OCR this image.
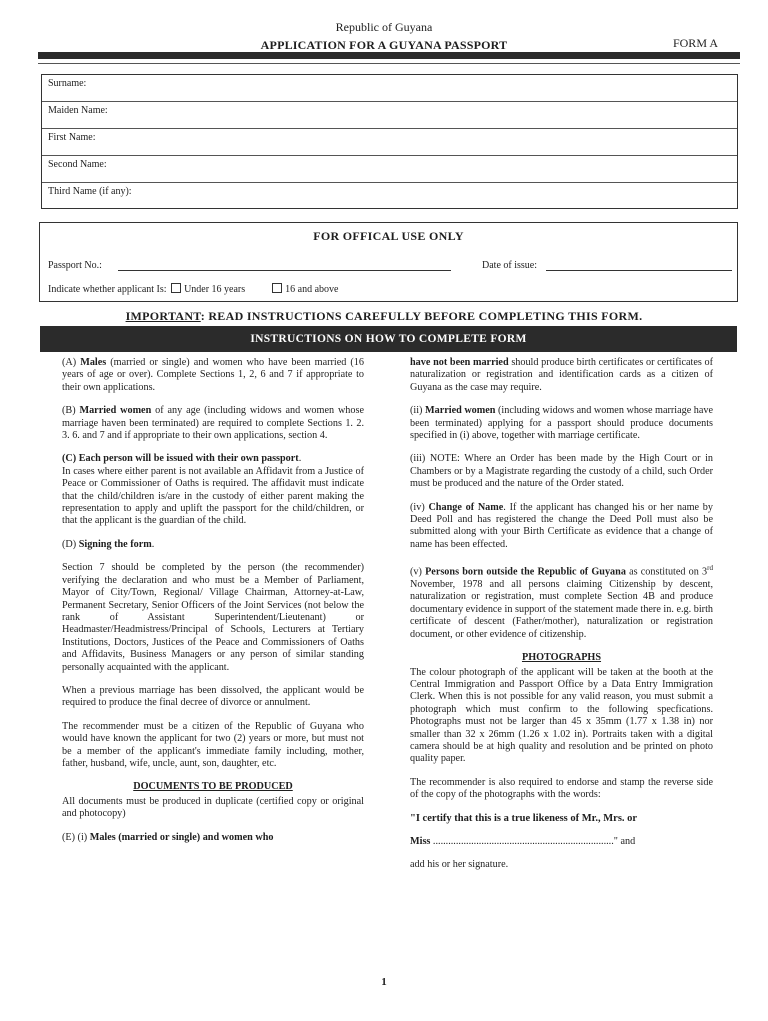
Republic of Guyana
APPLICATION FOR A GUYANA PASSPORT	FORM A
Surname:
Maiden Name:
First Name:
Second Name:
Third Name (if any):
FOR OFFICAL USE ONLY
Passport No.:	Date of issue:
Indicate whether applicant Is: Under 16 years	16 and above
IMPORTANT: READ INSTRUCTIONS CAREFULLY BEFORE COMPLETING THIS FORM.
INSTRUCTIONS ON HOW TO COMPLETE FORM

(A) Males (married or single) and women who have been married (16 years of age or over). Complete Sections 1, 2, 6 and 7 if appropriate to their own applications.

(B) Married women of any age (including widows and women whose marriage haven been terminated) are required to complete Sections 1. 2. 3. 6. and 7 and if appropriate to their own applications, section 4.

(C) Each person will be issued with their own passport.
In cases where either parent is not available an Affidavit from a Justice of Peace or Commissioner of Oaths is required. The affidavit must indicate that the child/children is/are in the custody of either parent making the representation to apply and uplift the passport for the child/children, or that the applicant is the guardian of the child.

(D) Signing the form.

Section 7 should be completed by the person (the recommender) verifying the declaration and who must be a Member of Parliament, Mayor of City/Town, Regional/ Village Chairman, Attorney-at-Law, Permanent Secretary, Senior Officers of the Joint Services (not below the rank of Assistant Superintendent/Lieutenant) or Headmaster/Headmistress/Principal of Schools, Lecturers at Tertiary Institutions, Doctors, Justices of the Peace and Commissioners of Oaths and Affidavits, Business Managers or any person of similar standing personally acquainted with the applicant.

When a previous marriage has been dissolved, the applicant would be required to produce the final decree of divorce or annulment.

The recommender must be a citizen of the Republic of Guyana who would have known the applicant for two (2) years or more, but must not be a member of the applicant's immediate family including, mother, father, husband, wife, uncle, aunt, son, daughter, etc.

DOCUMENTS TO BE PRODUCED

All documents must be produced in duplicate (certified copy or original and photocopy)

(E) (i) Males (married or single) and women who

have not been married should produce birth certificates or certificates of naturalization or registration and identification cards as a citizen of Guyana as the case may require.

(ii) Married women (including widows and women whose marriage have been terminated) applying for a passport should produce documents specified in (i) above, together with marriage certificate.

(iii) NOTE: Where an Order has been made by the High Court or in Chambers or by a Magistrate regarding the custody of a child, such Order must be produced and the nature of the Order stated.

(iv) Change of Name. If the applicant has changed his or her name by Deed Poll and has registered the change the Deed Poll must also be submitted along with your Birth Certificate as evidence that a change of name has been effected.

(v) Persons born outside the Republic of Guyana as constituted on 3rd November, 1978 and all persons claiming Citizenship by descent, naturalization or registration, must complete Section 4B and produce documentary evidence in support of the statement made there in. e.g. birth certificate of descent (Father/mother), naturalization or registration document, or other evidence of citizenship.

PHOTOGRAPHS

The colour photograph of the applicant will be taken at the booth at the Central Immigration and Passport Office by a Data Entry Immigration Clerk. When this is not possible for any valid reason, you must submit a photograph which must confirm to the following specfications. Photographs must not be larger than 45 x 35mm (1.77 x 1.38 in) nor smaller than 32 x 26mm (1.26 x 1.02 in). Portraits taken with a digital camera should be at high quality and resolution and be printed on photo quality paper.

The recommender is also required to endorse and stamp the reverse side of the copy of the photographs with the words:

"I certify that this is a true likeness of Mr., Mrs. or

Miss ......................................................................." and

add his or her signature.

1
